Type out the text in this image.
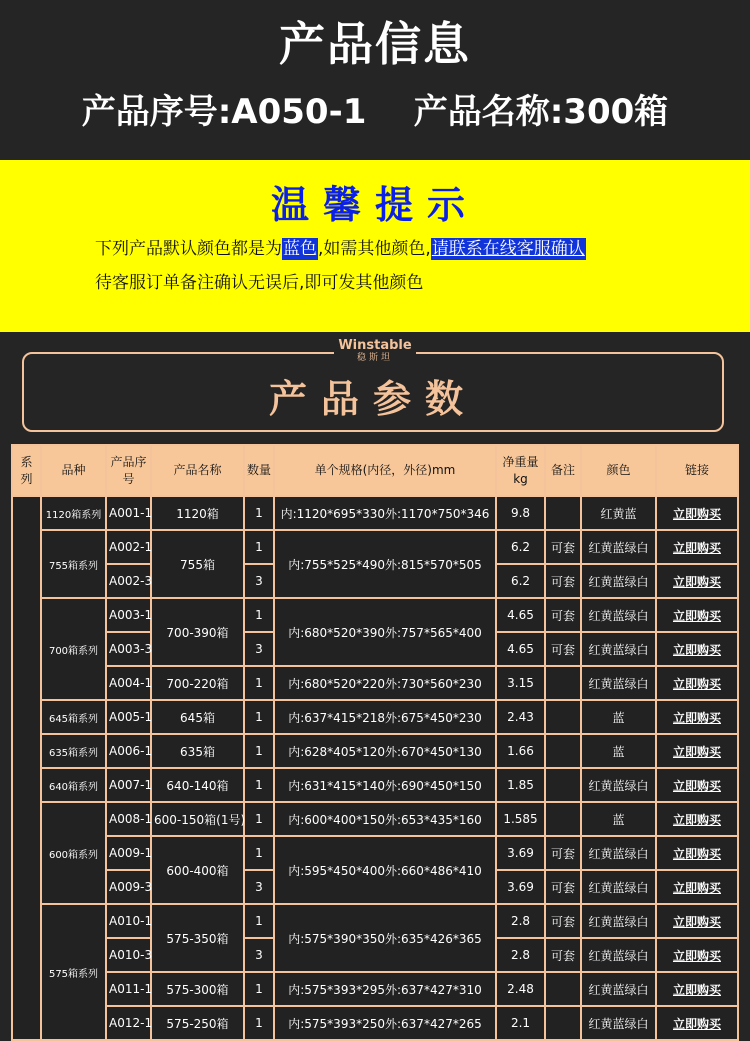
产品信息
产品序号:A050-1    产品名称:300箱
温馨提示
下列产品默认颜色都是为蓝色,如需其他颜色,请联系在线客服确认
待客服订单备注确认无误后,即可发其他颜色
Winstable
稳斯坦
产品参数
系列	品种	产品序号	产品名称	数量	单个规格(内径，外径)mm	净重量kg	备注	颜色	链接
	1120箱系列	A001-1	1120箱	1	内:1120*695*330外:1170*750*346	9.8		红黄蓝	立即购买
	755箱系列	A002-1	755箱	1	内:755*525*490外:815*570*505	6.2	可套	红黄蓝绿白	立即购买
		A002-3		3		6.2	可套	红黄蓝绿白	立即购买
	700箱系列	A003-1	700-390箱	1	内:680*520*390外:757*565*400	4.65	可套	红黄蓝绿白	立即购买
		A003-3		3		4.65	可套	红黄蓝绿白	立即购买
		A004-1	700-220箱	1	内:680*520*220外:730*560*230	3.15		红黄蓝绿白	立即购买
	645箱系列	A005-1	645箱	1	内:637*415*218外:675*450*230	2.43		蓝	立即购买
	635箱系列	A006-1	635箱	1	内:628*405*120外:670*450*130	1.66		蓝	立即购买
	640箱系列	A007-1	640-140箱	1	内:631*415*140外:690*450*150	1.85		红黄蓝绿白	立即购买
	600箱系列	A008-1	600-150箱(1号)	1	内:600*400*150外:653*435*160	1.585		蓝	立即购买
		A009-1	600-400箱	1	内:595*450*400外:660*486*410	3.69	可套	红黄蓝绿白	立即购买
		A009-3		3		3.69	可套	红黄蓝绿白	立即购买
	575箱系列	A010-1	575-350箱	1	内:575*390*350外:635*426*365	2.8	可套	红黄蓝绿白	立即购买
		A010-3		3		2.8	可套	红黄蓝绿白	立即购买
		A011-1	575-300箱	1	内:575*393*295外:637*427*310	2.48		红黄蓝绿白	立即购买
		A012-1	575-250箱	1	内:575*393*250外:637*427*265	2.1		红黄蓝绿白	立即购买
